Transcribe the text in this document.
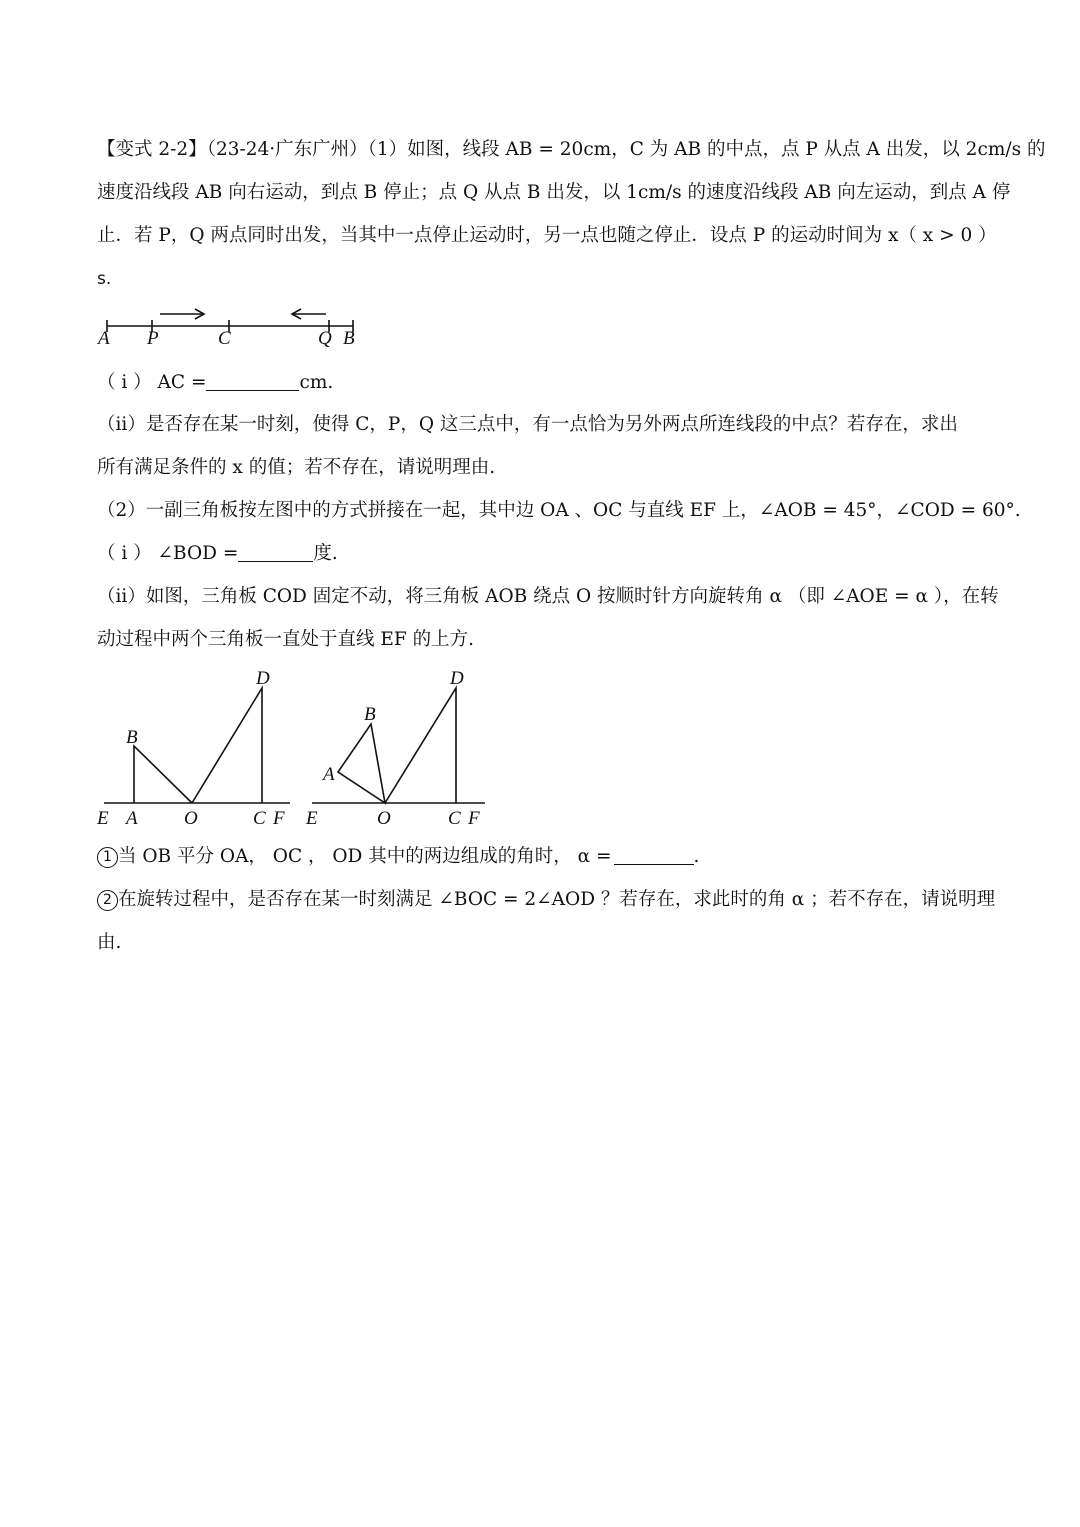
【变式 2-2】（23-24·广东广州）（1）如图，线段 AB = 20cm，C 为 AB 的中点，点 P 从点 A 出发，以 2cm/s 的
速度沿线段 AB 向右运动，到点 B 停止；点 Q 从点 B 出发，以 1cm/s 的速度沿线段 AB 向左运动，到点 A 停
止．若 P，Q 两点同时出发，当其中一点停止运动时，另一点也随之停止．设点 P 的运动时间为 x（ x > 0 ）
s.
A P	C	Q B
（ i ） AC =	cm.
（ii）是否存在某一时刻，使得 C，P，Q 这三点中，有一点恰为另外两点所连线段的中点？若存在，求出
所有满足条件的 x 的值；若不存在，请说明理由.
（2）一副三角板按左图中的方式拼接在一起，其中边 OA 、OC 与直线 EF 上，∠AOB = 45°，∠COD = 60°.
（ i ） ∠BOD =	度.
（ii）如图，三角板 COD 固定不动，将三角板 AOB 绕点 O 按顺时针方向旋转角 α （即 ∠AOE = α ），在转
动过程中两个三角板一直处于直线 EF 的上方.
B
D
E A O	C F
B
D
A
E	O	C F
1 当 OB 平分 OA， OC ， OD 其中的两边组成的角时， α =	.
2 在旋转过程中，是否存在某一时刻满足 ∠BOC = 2∠AOD ？若存在，求此时的角 α ；若不存在，请说明理
由.
